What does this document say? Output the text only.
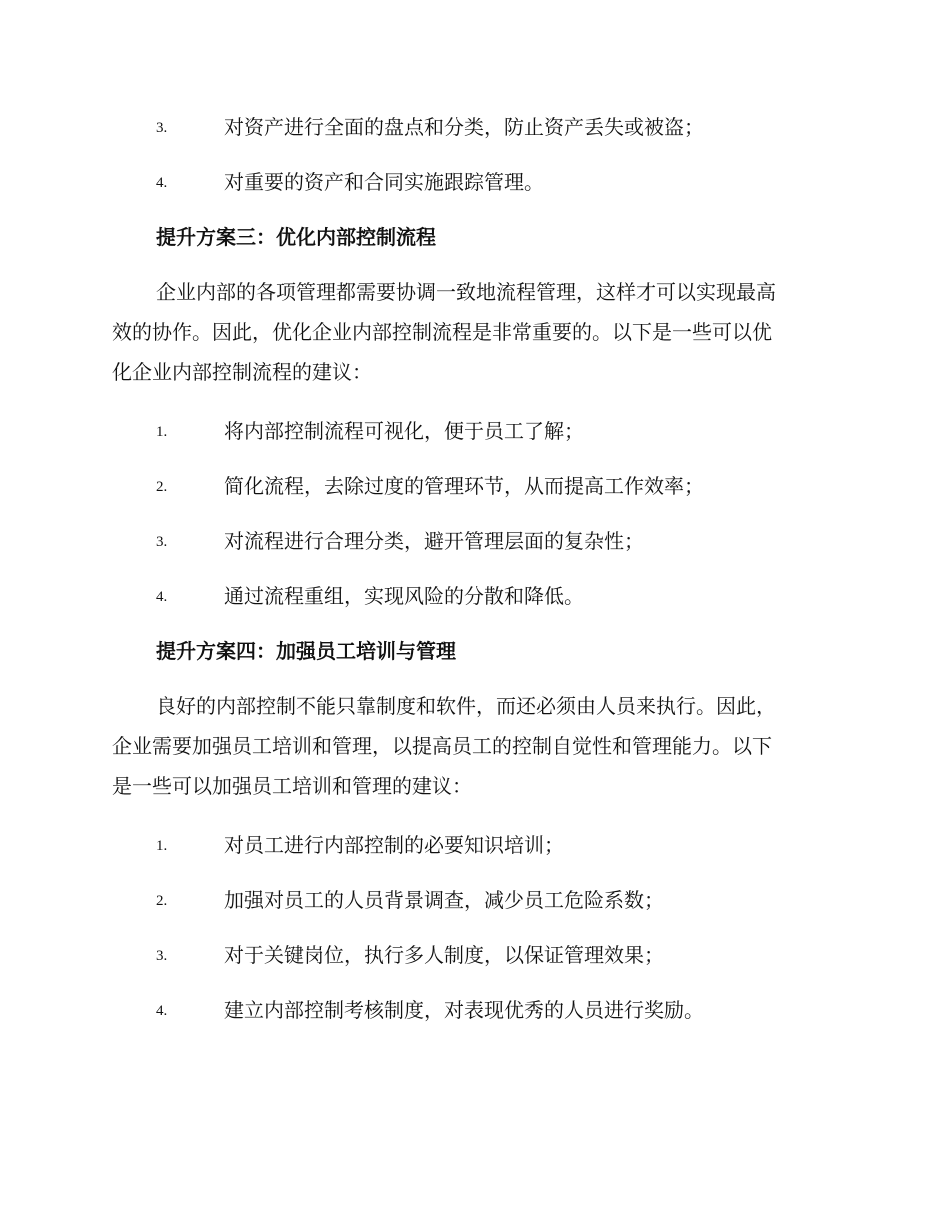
3.	对资产进行全面的盘点和分类，防止资产丢失或被盗；
4.	对重要的资产和合同实施跟踪管理。
提升方案三：优化内部控制流程
企业内部的各项管理都需要协调一致地流程管理，这样才可以实现最高
效的协作。因此，优化企业内部控制流程是非常重要的。以下是一些可以优
化企业内部控制流程的建议：
1.	将内部控制流程可视化，便于员工了解；
2.	简化流程，去除过度的管理环节，从而提高工作效率；
3.	对流程进行合理分类，避开管理层面的复杂性；
4.	通过流程重组，实现风险的分散和降低。
提升方案四：加强员工培训与管理
良好的内部控制不能只靠制度和软件，而还必须由人员来执行。因此，
企业需要加强员工培训和管理，以提高员工的控制自觉性和管理能力。以下
是一些可以加强员工培训和管理的建议：
1.	对员工进行内部控制的必要知识培训；
2.	加强对员工的人员背景调查，减少员工危险系数；
3.	对于关键岗位，执行多人制度，以保证管理效果；
4.	建立内部控制考核制度，对表现优秀的人员进行奖励。
